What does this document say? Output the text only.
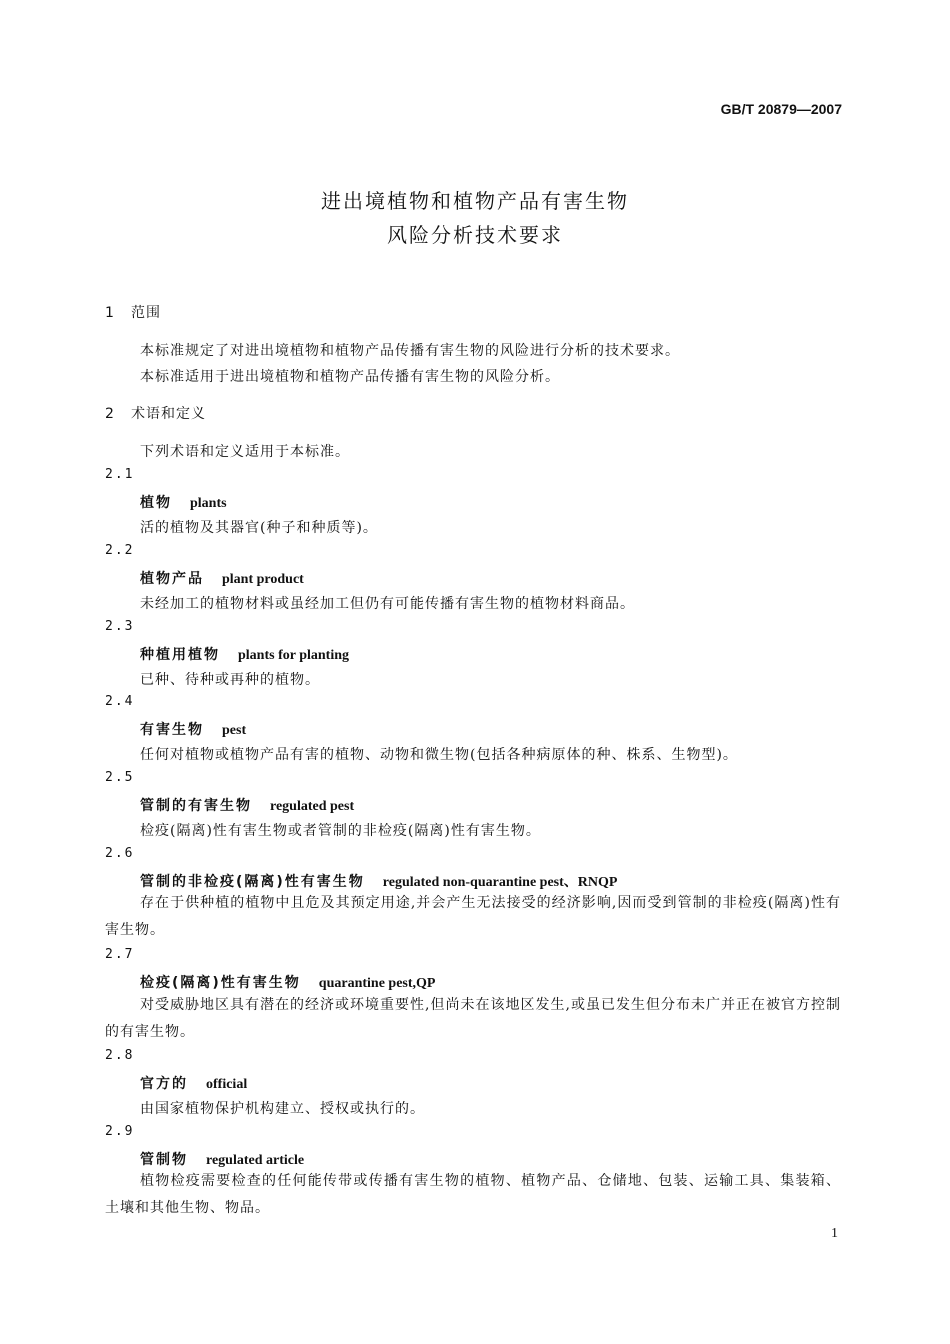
GB/T 20879—2007
进出境植物和植物产品有害生物
风险分析技术要求
1 范围
本标准规定了对进出境植物和植物产品传播有害生物的风险进行分析的技术要求。
本标准适用于进出境植物和植物产品传播有害生物的风险分析。
2 术语和定义
下列术语和定义适用于本标准。
2.1
植物 plants
活的植物及其器官(种子和种质等)。
2.2
植物产品 plant product
未经加工的植物材料或虽经加工但仍有可能传播有害生物的植物材料商品。
2.3
种植用植物 plants for planting
已种、待种或再种的植物。
2.4
有害生物 pest
任何对植物或植物产品有害的植物、动物和微生物(包括各种病原体的种、株系、生物型)。
2.5
管制的有害生物 regulated pest
检疫(隔离)性有害生物或者管制的非检疫(隔离)性有害生物。
2.6
管制的非检疫(隔离)性有害生物 regulated non-quarantine pest、RNQP
存在于供种植的植物中且危及其预定用途,并会产生无法接受的经济影响,因而受到管制的非检疫(隔离)性有害生物。
2.7
检疫(隔离)性有害生物 quarantine pest,QP
对受威胁地区具有潜在的经济或环境重要性,但尚未在该地区发生,或虽已发生但分布未广并正在被官方控制的有害生物。
2.8
官方的 official
由国家植物保护机构建立、授权或执行的。
2.9
管制物 regulated article
植物检疫需要检查的任何能传带或传播有害生物的植物、植物产品、仓储地、包装、运输工具、集装箱、土壤和其他生物、物品。
1
